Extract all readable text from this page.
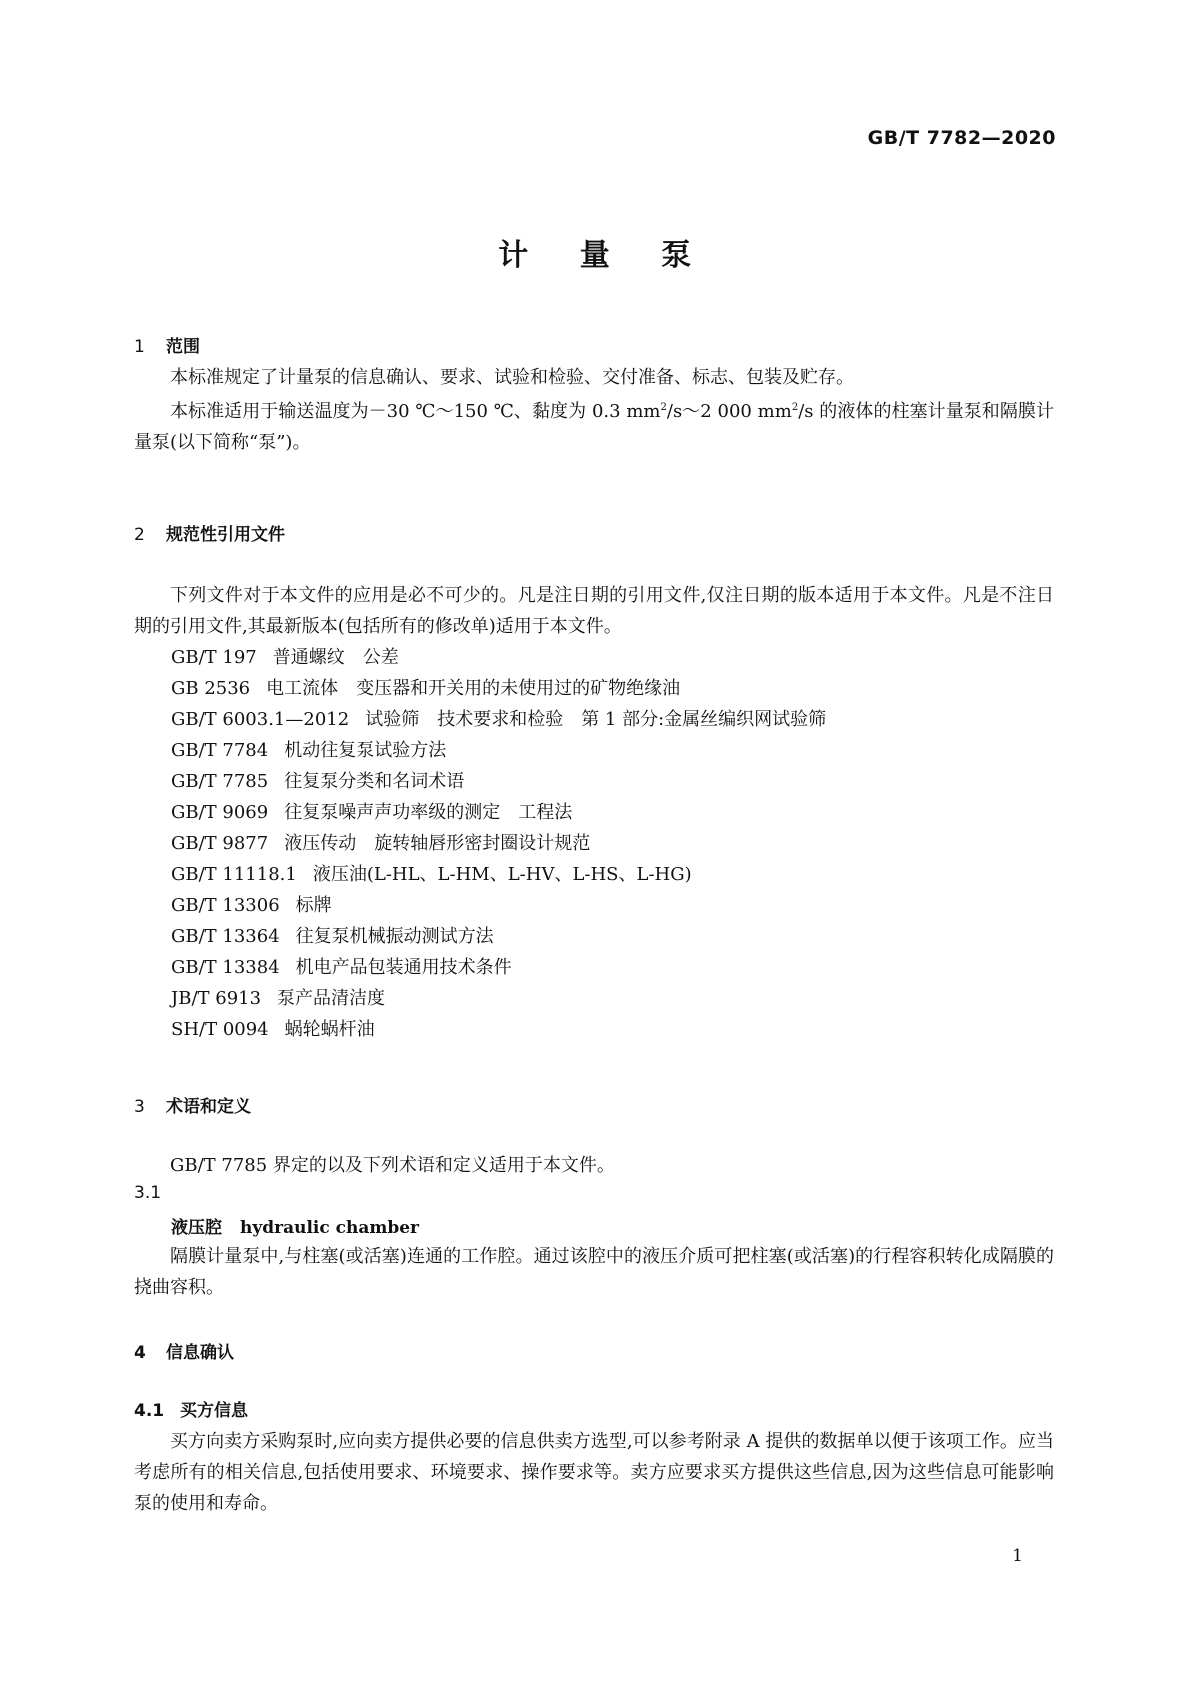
GB/T 7782—2020
计 量 泵
1 范围
本标准规定了计量泵的信息确认、要求、试验和检验、交付准备、标志、包装及贮存。
本标准适用于输送温度为－30 ℃～150 ℃、黏度为 0.3 $mm^2/s\sim 2$ 000 $mm^2/s$ 的液体的柱塞计量泵和隔膜计量泵(以下简称“泵”)。
2 规范性引用文件
下列文件对于本文件的应用是必不可少的。凡是注日期的引用文件,仅注日期的版本适用于本文件。凡是不注日期的引用文件,其最新版本(包括所有的修改单)适用于本文件。
GB/T 197 普通螺纹　公差
GB 2536 电工流体　变压器和开关用的未使用过的矿物绝缘油
GB/T 6003.1—2012 试验筛　技术要求和检验　第 1 部分:金属丝编织网试验筛
GB/T 7784 机动往复泵试验方法
GB/T 7785 往复泵分类和名词术语
GB/T 9069 往复泵噪声声功率级的测定　工程法
GB/T 9877 液压传动　旋转轴唇形密封圈设计规范
GB/T 11118.1 液压油(L-HL、L-HM、L-HV、L-HS、L-HG)
GB/T 13306 标牌
GB/T 13364 往复泵机械振动测试方法
GB/T 13384 机电产品包装通用技术条件
JB/T 6913 泵产品清洁度
SH/T 0094 蜗轮蜗杆油
3 术语和定义
GB/T 7785 界定的以及下列术语和定义适用于本文件。
3.1
液压腔 hydraulic chamber
隔膜计量泵中,与柱塞(或活塞)连通的工作腔。通过该腔中的液压介质可把柱塞(或活塞)的行程容积转化成隔膜的挠曲容积。
4 信息确认
4.1 买方信息
买方向卖方采购泵时,应向卖方提供必要的信息供卖方选型,可以参考附录 A 提供的数据单以便于该项工作。应当考虑所有的相关信息,包括使用要求、环境要求、操作要求等。卖方应要求买方提供这些信息,因为这些信息可能影响泵的使用和寿命。
1
